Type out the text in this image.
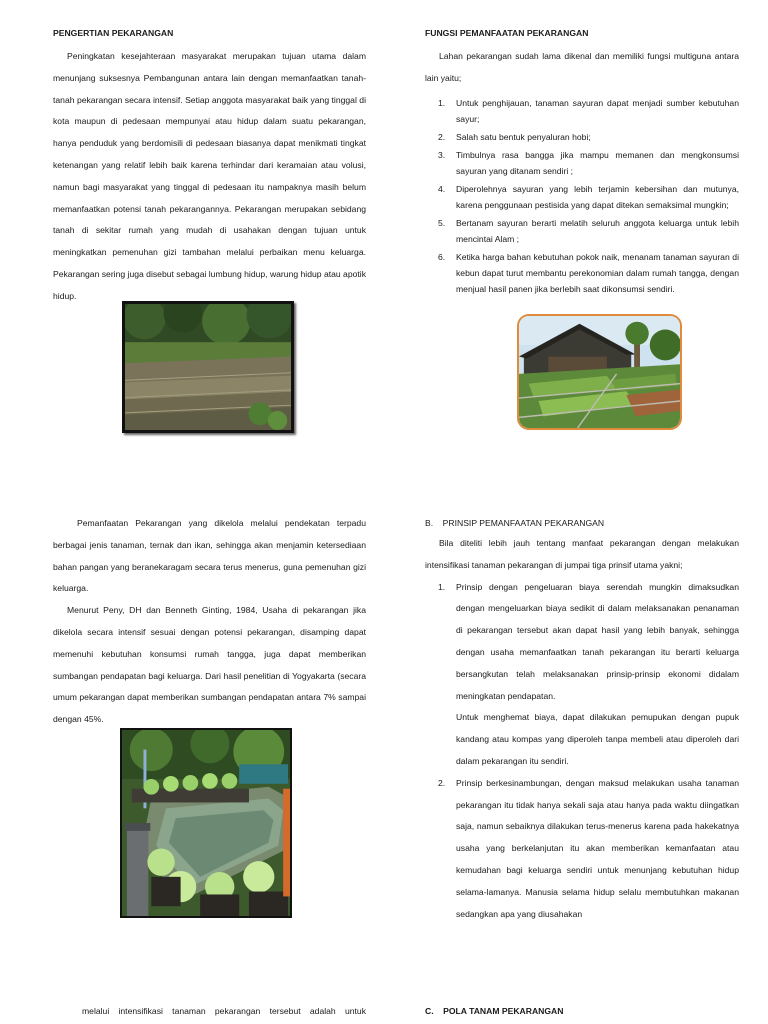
PENGERTIAN PEKARANGAN

Peningkatan kesejahteraan masyarakat merupakan tujuan utama dalam menunjang suksesnya Pembangunan antara lain dengan memanfaatkan tanah-tanah pekarangan secara intensif. Setiap anggota masyarakat baik yang tinggal di kota maupun di pedesaan mempunyai atau hidup dalam suatu pekarangan, hanya penduduk yang berdomisili di pedesaan biasanya dapat menikmati tingkat ketenangan yang relatif lebih baik karena terhindar dari keramaian atau volusi, namun bagi masyarakat yang tinggal di pedesaan itu nampaknya masih belum memanfaatkan potensi tanah pekarangannya. Pekarangan merupakan sebidang tanah di sekitar rumah yang mudah di usahakan dengan tujuan untuk meningkatkan pemenuhan gizi tambahan melalui perbaikan menu keluarga. Pekarangan sering juga disebut sebagai lumbung hidup, warung hidup atau apotik hidup.

FUNGSI PEMANFAATAN PEKARANGAN

Lahan pekarangan sudah lama dikenal dan memiliki fungsi multiguna antara lain yaitu;

1. Untuk penghijauan, tanaman sayuran dapat menjadi sumber kebutuhan sayur;
2. Salah satu bentuk penyaluran hobi;
3. Timbulnya rasa bangga jika mampu memanen dan mengkonsumsi sayuran yang ditanam sendiri ;
4. Diperolehnya sayuran yang lebih terjamin kebersihan dan mutunya, karena penggunaan pestisida yang dapat ditekan semaksimal mungkin;
5. Bertanam sayuran berarti melatih seluruh anggota keluarga untuk lebih mencintai Alam ;
6. Ketika harga bahan kebutuhan pokok naik, menanam tanaman sayuran di kebun dapat turut membantu perekonomian dalam rumah tangga, dengan menjual hasil panen jika berlebih saat dikonsumsi sendiri.

Pemanfaatan Pekarangan yang dikelola melalui pendekatan terpadu berbagai jenis tanaman, ternak dan ikan, sehingga akan menjamin ketersediaan bahan pangan yang beranekaragam secara terus menerus, guna pemenuhan gizi keluarga.

Menurut Peny, DH dan Benneth Ginting, 1984, Usaha di pekarangan jika dikelola secara intensif sesuai dengan potensi pekarangan, disamping dapat memenuhi kebutuhan konsumsi rumah tangga, juga dapat memberikan sumbangan pendapatan bagi keluarga. Dari hasil penelitian di Yogyakarta (secara umum pekarangan dapat memberikan sumbangan pendapatan antara 7% sampai dengan 45%.

melalui intensifikasi tanaman pekarangan tersebut adalah untuk

B.    PRINSIP PEMANFAATAN PEKARANGAN

Bila diteliti lebih jauh tentang manfaat pekarangan dengan melakukan intensifikasi tanaman pekarangan di jumpai tiga prinsif utama yakni;

1. Prinsip dengan pengeluaran biaya serendah mungkin dimaksudkan dengan mengeluarkan biaya sedikit di dalam melaksanakan penanaman di pekarangan tersebut akan dapat hasil yang lebih banyak, sehingga dengan usaha memanfaatkan tanah pekarangan itu berarti keluarga bersangkutan telah melaksanakan prinsip-prinsip ekonomi didalam meningkatan pendapatan.

Untuk menghemat biaya, dapat dilakukan pemupukan dengan pupuk kandang atau kompas yang diperoleh tanpa membeli atau diperoleh dari dalam pekarangan itu sendiri.

2. Prinsip berkesinambungan, dengan maksud melakukan usaha tanaman pekarangan itu tidak hanya sekali saja atau hanya pada waktu diingatkan saja, namun sebaiknya dilakukan terus-menerus karena pada hakekatnya usaha yang berkelanjutan itu akan memberikan kemanfaatan atau kemudahan bagi keluarga sendiri untuk menunjang kebutuhan hidup selama-lamanya. Manusia selama hidup selalu membutuhkan makanan sedangkan apa yang diusahakan
C.    POLA TANAM PEKARANGAN
